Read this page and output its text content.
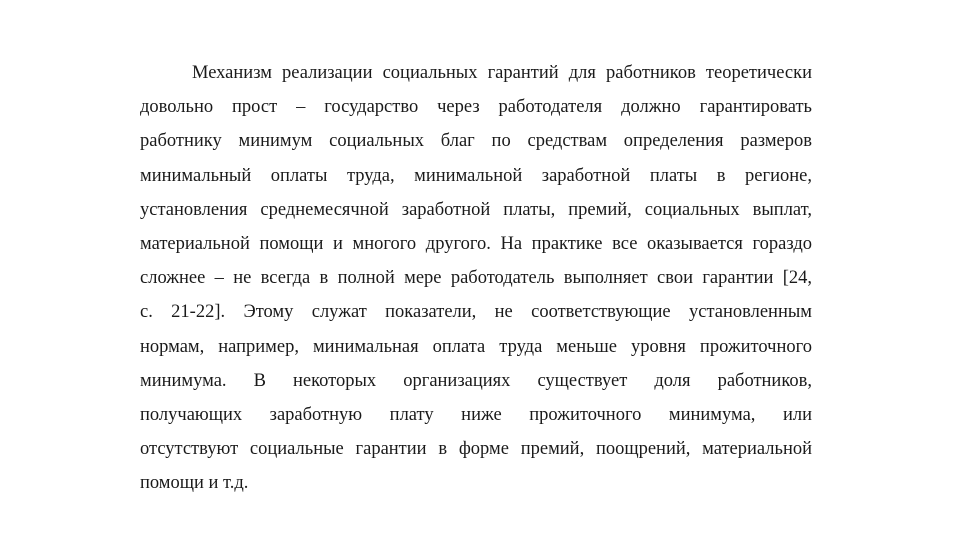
Механизм реализации социальных гарантий для работников теоретически
довольно прост – государство через работодателя должно гарантировать
работнику минимум социальных благ по средствам определения размеров
минимальный оплаты труда, минимальной заработной платы в регионе,
установления среднемесячной заработной платы, премий, социальных выплат,
материальной помощи и многого другого. На практике все оказывается гораздо
сложнее – не всегда в полной мере работодатель выполняет свои гарантии [24,
с. 21-22]. Этому служат показатели, не соответствующие установленным
нормам, например, минимальная оплата труда меньше уровня прожиточного
минимума. В некоторых организациях существует доля работников,
получающих заработную плату ниже прожиточного минимума, или
отсутствуют социальные гарантии в форме премий, поощрений, материальной
помощи и т.д.
